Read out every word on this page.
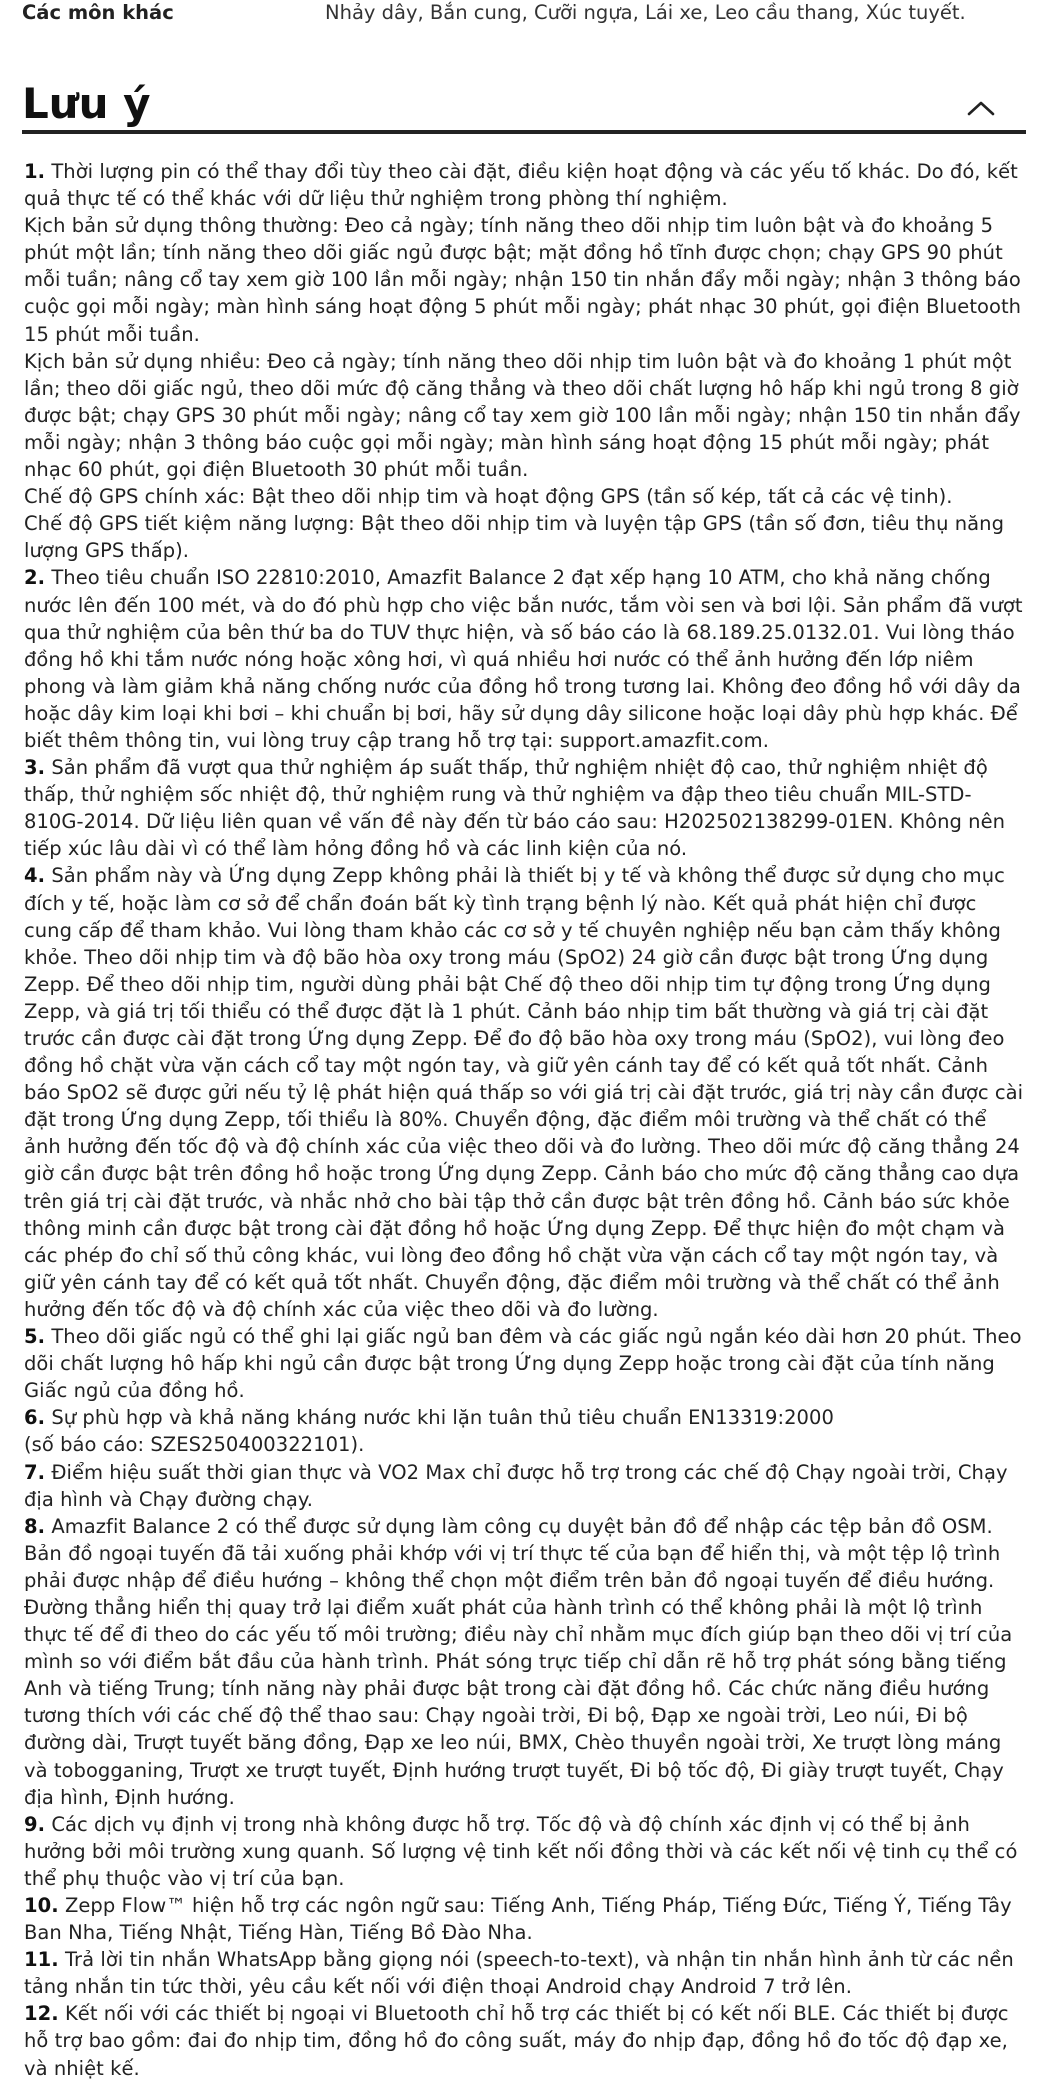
Các môn khác	Nhảy dây, Bắn cung, Cưỡi ngựa, Lái xe, Leo cầu thang, Xúc tuyết.
Lưu ý

1. Thời lượng pin có thể thay đổi tùy theo cài đặt, điều kiện hoạt động và các yếu tố khác. Do đó, kết quả thực tế có thể khác với dữ liệu thử nghiệm trong phòng thí nghiệm.

Kịch bản sử dụng thông thường: Đeo cả ngày; tính năng theo dõi nhịp tim luôn bật và đo khoảng 5 phút một lần; tính năng theo dõi giấc ngủ được bật; mặt đồng hồ tĩnh được chọn; chạy GPS 90 phút mỗi tuần; nâng cổ tay xem giờ 100 lần mỗi ngày; nhận 150 tin nhắn đẩy mỗi ngày; nhận 3 thông báo cuộc gọi mỗi ngày; màn hình sáng hoạt động 5 phút mỗi ngày; phát nhạc 30 phút, gọi điện Bluetooth 15 phút mỗi tuần.

Kịch bản sử dụng nhiều: Đeo cả ngày; tính năng theo dõi nhịp tim luôn bật và đo khoảng 1 phút một lần; theo dõi giấc ngủ, theo dõi mức độ căng thẳng và theo dõi chất lượng hô hấp khi ngủ trong 8 giờ được bật; chạy GPS 30 phút mỗi ngày; nâng cổ tay xem giờ 100 lần mỗi ngày; nhận 150 tin nhắn đẩy mỗi ngày; nhận 3 thông báo cuộc gọi mỗi ngày; màn hình sáng hoạt động 15 phút mỗi ngày; phát nhạc 60 phút, gọi điện Bluetooth 30 phút mỗi tuần.

Chế độ GPS chính xác: Bật theo dõi nhịp tim và hoạt động GPS (tần số kép, tất cả các vệ tinh).

Chế độ GPS tiết kiệm năng lượng: Bật theo dõi nhịp tim và luyện tập GPS (tần số đơn, tiêu thụ năng lượng GPS thấp).

2. Theo tiêu chuẩn ISO 22810:2010, Amazfit Balance 2 đạt xếp hạng 10 ATM, cho khả năng chống nước lên đến 100 mét, và do đó phù hợp cho việc bắn nước, tắm vòi sen và bơi lội. Sản phẩm đã vượt qua thử nghiệm của bên thứ ba do TUV thực hiện, và số báo cáo là 68.189.25.0132.01. Vui lòng tháo đồng hồ khi tắm nước nóng hoặc xông hơi, vì quá nhiều hơi nước có thể ảnh hưởng đến lớp niêm phong và làm giảm khả năng chống nước của đồng hồ trong tương lai. Không đeo đồng hồ với dây da hoặc dây kim loại khi bơi – khi chuẩn bị bơi, hãy sử dụng dây silicone hoặc loại dây phù hợp khác. Để biết thêm thông tin, vui lòng truy cập trang hỗ trợ tại: support.amazfit.com.

3. Sản phẩm đã vượt qua thử nghiệm áp suất thấp, thử nghiệm nhiệt độ cao, thử nghiệm nhiệt độ thấp, thử nghiệm sốc nhiệt độ, thử nghiệm rung và thử nghiệm va đập theo tiêu chuẩn MIL-STD-810G-2014. Dữ liệu liên quan về vấn đề này đến từ báo cáo sau: H202502138299-01EN. Không nên tiếp xúc lâu dài vì có thể làm hỏng đồng hồ và các linh kiện của nó.

4. Sản phẩm này và Ứng dụng Zepp không phải là thiết bị y tế và không thể được sử dụng cho mục đích y tế, hoặc làm cơ sở để chẩn đoán bất kỳ tình trạng bệnh lý nào. Kết quả phát hiện chỉ được cung cấp để tham khảo. Vui lòng tham khảo các cơ sở y tế chuyên nghiệp nếu bạn cảm thấy không khỏe. Theo dõi nhịp tim và độ bão hòa oxy trong máu (SpO2) 24 giờ cần được bật trong Ứng dụng Zepp. Để theo dõi nhịp tim, người dùng phải bật Chế độ theo dõi nhịp tim tự động trong Ứng dụng Zepp, và giá trị tối thiểu có thể được đặt là 1 phút. Cảnh báo nhịp tim bất thường và giá trị cài đặt trước cần được cài đặt trong Ứng dụng Zepp. Để đo độ bão hòa oxy trong máu (SpO2), vui lòng đeo đồng hồ chặt vừa vặn cách cổ tay một ngón tay, và giữ yên cánh tay để có kết quả tốt nhất. Cảnh báo SpO2 sẽ được gửi nếu tỷ lệ phát hiện quá thấp so với giá trị cài đặt trước, giá trị này cần được cài đặt trong Ứng dụng Zepp, tối thiểu là 80%. Chuyển động, đặc điểm môi trường và thể chất có thể ảnh hưởng đến tốc độ và độ chính xác của việc theo dõi và đo lường. Theo dõi mức độ căng thẳng 24 giờ cần được bật trên đồng hồ hoặc trong Ứng dụng Zepp. Cảnh báo cho mức độ căng thẳng cao dựa trên giá trị cài đặt trước, và nhắc nhở cho bài tập thở cần được bật trên đồng hồ. Cảnh báo sức khỏe thông minh cần được bật trong cài đặt đồng hồ hoặc Ứng dụng Zepp. Để thực hiện đo một chạm và các phép đo chỉ số thủ công khác, vui lòng đeo đồng hồ chặt vừa vặn cách cổ tay một ngón tay, và giữ yên cánh tay để có kết quả tốt nhất. Chuyển động, đặc điểm môi trường và thể chất có thể ảnh hưởng đến tốc độ và độ chính xác của việc theo dõi và đo lường.

5. Theo dõi giấc ngủ có thể ghi lại giấc ngủ ban đêm và các giấc ngủ ngắn kéo dài hơn 20 phút. Theo dõi chất lượng hô hấp khi ngủ cần được bật trong Ứng dụng Zepp hoặc trong cài đặt của tính năng Giấc ngủ của đồng hồ.

6. Sự phù hợp và khả năng kháng nước khi lặn tuân thủ tiêu chuẩn EN13319:2000
(số báo cáo: SZES250400322101).

7. Điểm hiệu suất thời gian thực và VO2 Max chỉ được hỗ trợ trong các chế độ Chạy ngoài trời, Chạy địa hình và Chạy đường chạy.

8. Amazfit Balance 2 có thể được sử dụng làm công cụ duyệt bản đồ để nhập các tệp bản đồ OSM. Bản đồ ngoại tuyến đã tải xuống phải khớp với vị trí thực tế của bạn để hiển thị, và một tệp lộ trình phải được nhập để điều hướng – không thể chọn một điểm trên bản đồ ngoại tuyến để điều hướng. Đường thẳng hiển thị quay trở lại điểm xuất phát của hành trình có thể không phải là một lộ trình thực tế để đi theo do các yếu tố môi trường; điều này chỉ nhằm mục đích giúp bạn theo dõi vị trí của mình so với điểm bắt đầu của hành trình. Phát sóng trực tiếp chỉ dẫn rẽ hỗ trợ phát sóng bằng tiếng Anh và tiếng Trung; tính năng này phải được bật trong cài đặt đồng hồ. Các chức năng điều hướng tương thích với các chế độ thể thao sau: Chạy ngoài trời, Đi bộ, Đạp xe ngoài trời, Leo núi, Đi bộ đường dài, Trượt tuyết băng đồng, Đạp xe leo núi, BMX, Chèo thuyền ngoài trời, Xe trượt lòng máng và tobogganing, Trượt xe trượt tuyết, Định hướng trượt tuyết, Đi bộ tốc độ, Đi giày trượt tuyết, Chạy địa hình, Định hướng.

9. Các dịch vụ định vị trong nhà không được hỗ trợ. Tốc độ và độ chính xác định vị có thể bị ảnh hưởng bởi môi trường xung quanh. Số lượng vệ tinh kết nối đồng thời và các kết nối vệ tinh cụ thể có thể phụ thuộc vào vị trí của bạn.

10. Zepp Flow™ hiện hỗ trợ các ngôn ngữ sau: Tiếng Anh, Tiếng Pháp, Tiếng Đức, Tiếng Ý, Tiếng Tây Ban Nha, Tiếng Nhật, Tiếng Hàn, Tiếng Bồ Đào Nha.

11. Trả lời tin nhắn WhatsApp bằng giọng nói (speech-to-text), và nhận tin nhắn hình ảnh từ các nền tảng nhắn tin tức thời, yêu cầu kết nối với điện thoại Android chạy Android 7 trở lên.

12. Kết nối với các thiết bị ngoại vi Bluetooth chỉ hỗ trợ các thiết bị có kết nối BLE. Các thiết bị được hỗ trợ bao gồm: đai đo nhịp tim, đồng hồ đo công suất, máy đo nhịp đạp, đồng hồ đo tốc độ đạp xe, và nhiệt kế.
